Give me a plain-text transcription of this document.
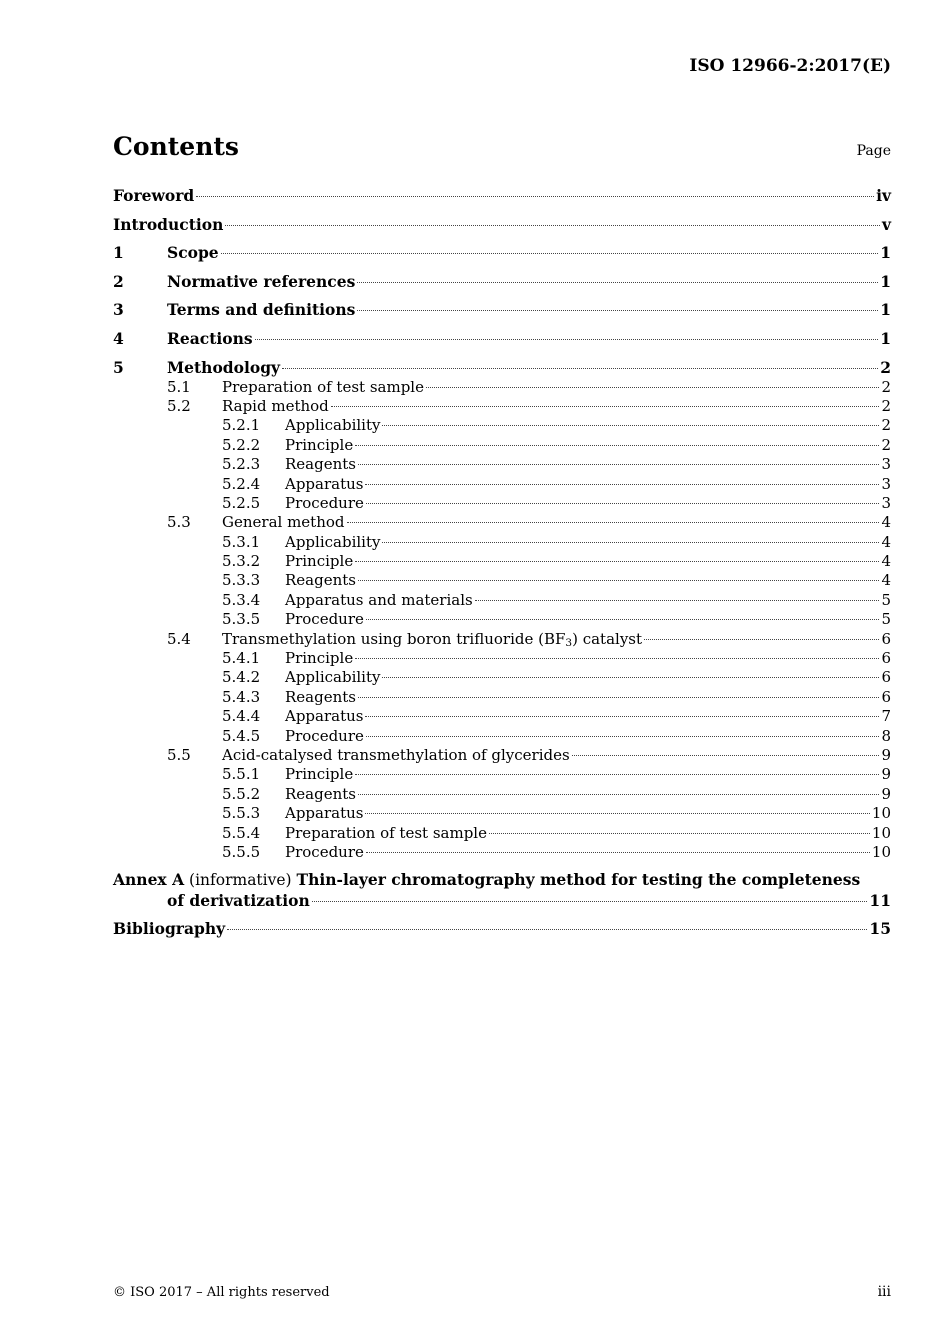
ISO 12966-2:2017(E)
Contents	Page
Foreword	iv
Introduction	v
1	Scope	1
2	Normative references	1
3	Terms and definitions	1
4	Reactions	1
5	Methodology	2
5.1	Preparation of test sample	2
5.2	Rapid method	2
5.2.1	Applicability	2
5.2.2	Principle	2
5.2.3	Reagents	3
5.2.4	Apparatus	3
5.2.5	Procedure	3
5.3	General method	4
5.3.1	Applicability	4
5.3.2	Principle	4
5.3.3	Reagents	4
5.3.4	Apparatus and materials	5
5.3.5	Procedure	5
5.4	Transmethylation using boron trifluoride $(BF_3)$ catalyst	6
5.4.1	Principle	6
5.4.2	Applicability	6
5.4.3	Reagents	6
5.4.4	Apparatus	7
5.4.5	Procedure	8
5.5	Acid-catalysed transmethylation of glycerides	9
5.5.1	Principle	9
5.5.2	Reagents	9
5.5.3	Apparatus	10
5.5.4	Preparation of test sample	10
5.5.5	Procedure	10
Annex A (informative) Thin-layer chromatography method for testing the completeness
of derivatization	11
Bibliography	15
© ISO 2017 – All rights reserved	iii
